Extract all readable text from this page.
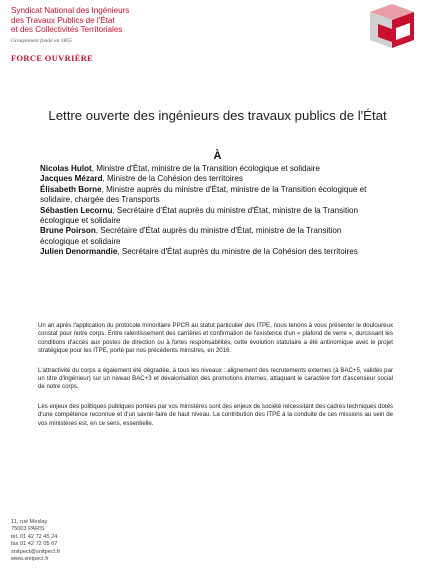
Syndicat National des Ingénieurs
des Travaux Publics de l'État
et des Collectivités Territoriales
Groupement fondé en 1855
FORCE OUVRIÈRE
Lettre ouverte des ingénieurs des travaux publics de l'État
À
Nicolas Hulot, Ministre d'État, ministre de la Transition écologique et solidaire
Jacques Mézard, Ministre de la Cohésion des territoires
Élisabeth Borne, Ministre auprès du ministre d'État, ministre de la Transition écologique et solidaire, chargée des Transports
Sébastien Lecornu, Secrétaire d'État auprès du ministre d'État, ministre de la Transition écologique et solidaire
Brune Poirson, Secrétaire d'État auprès du ministre d'État, ministre de la Transition écologique et solidaire
Julien Denormandie, Secrétaire d'État auprès du ministre de la Cohésion des territoires

Un an après l'application du protocole minoritaire PPCR au statut particulier des ITPE, nous tenons à vous présenter le douloureux constat pour notre corps. Entre ralentissement des carrières et confirmation de l'existence d'un « plafond de verre », durcissant les conditions d'accès aux postes de direction ou à fortes responsabilités, cette évolution statutaire a été antinomique avec le projet stratégique pour les ITPE, porté par nos précédents ministres, en 2016.

L'attractivité du corps a également été dégradée, à tous les niveaux : alignement des recrutements externes (à BAC+5, validés par un titre d'ingénieur) sur un niveau BAC+3 et dévalorisation des promotions internes, attaquant le caractère fort d'ascenseur social de notre corps.

Les enjeux des politiques publiques portées par vos ministères sont des enjeux de société nécessitant des cadres techniques dotés d'une compétence reconnue et d'un savoir-faire de haut niveau. La contribution des ITPE à la conduite de ces missions au sein de vos ministères est, en ce sens, essentielle.

11, rue Meslay
75003 PARIS
tél. 01 42 72 45 24
fax 01 42 72 05 67
snitpect@snitpect.fr
www.snitpect.fr
